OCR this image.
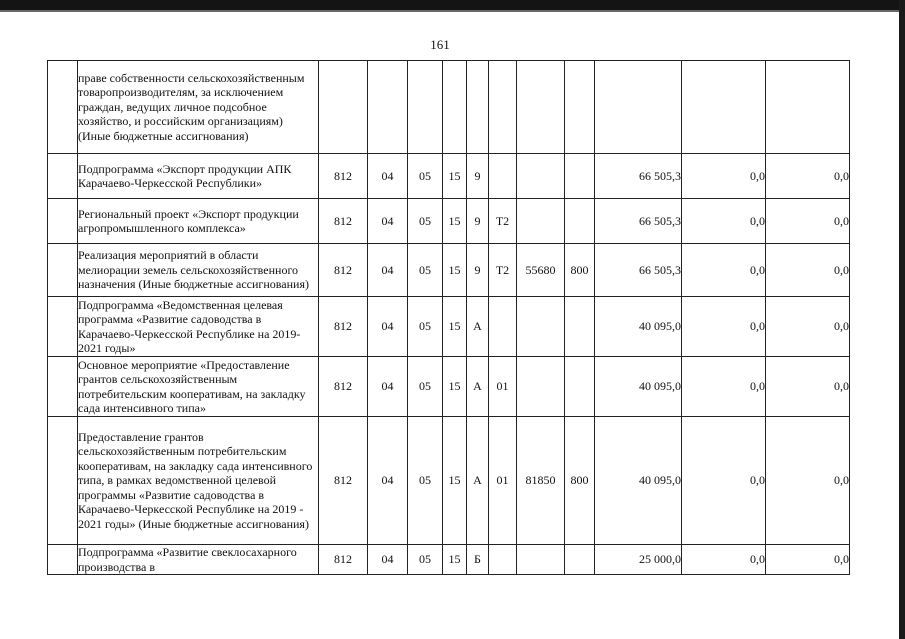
161
	праве собственности сельскохозяйственным товаропроизводителям, за исключением граждан, ведущих личное подсобное хозяйство, и российским организациям) (Иные бюджетные ассигнования)											
	Подпрограмма «Экспорт продукции АПК Карачаево-Черкесской Республики»	812	04	05	15	9				66 505,3	0,0	0,0
	Региональный проект «Экспорт продукции агропромышленного комплекса»	812	04	05	15	9	T2			66 505,3	0,0	0,0
	Реализация мероприятий в области мелиорации земель сельскохозяйственного назначения (Иные бюджетные ассигнования)	812	04	05	15	9	T2	55680	800	66 505,3	0,0	0,0
	Подпрограмма «Ведомственная целевая программа «Развитие садоводства в Карачаево-Черкесской Республике на 2019-2021 годы»	812	04	05	15	А				40 095,0	0,0	0,0
	Основное мероприятие «Предоставление грантов сельскохозяйственным потребительским кооперативам, на закладку сада интенсивного типа»	812	04	05	15	А	01			40 095,0	0,0	0,0
	Предоставление грантов сельскохозяйственным потребительским кооперативам, на закладку сада интенсивного типа, в рамках ведомственной целевой программы «Развитие садоводства в Карачаево-Черкесской Республике на 2019 - 2021 годы» (Иные бюджетные ассигнования)	812	04	05	15	А	01	81850	800	40 095,0	0,0	0,0
	Подпрограмма «Развитие свеклосахарного производства в	812	04	05	15	Б				25 000,0	0,0	0,0
